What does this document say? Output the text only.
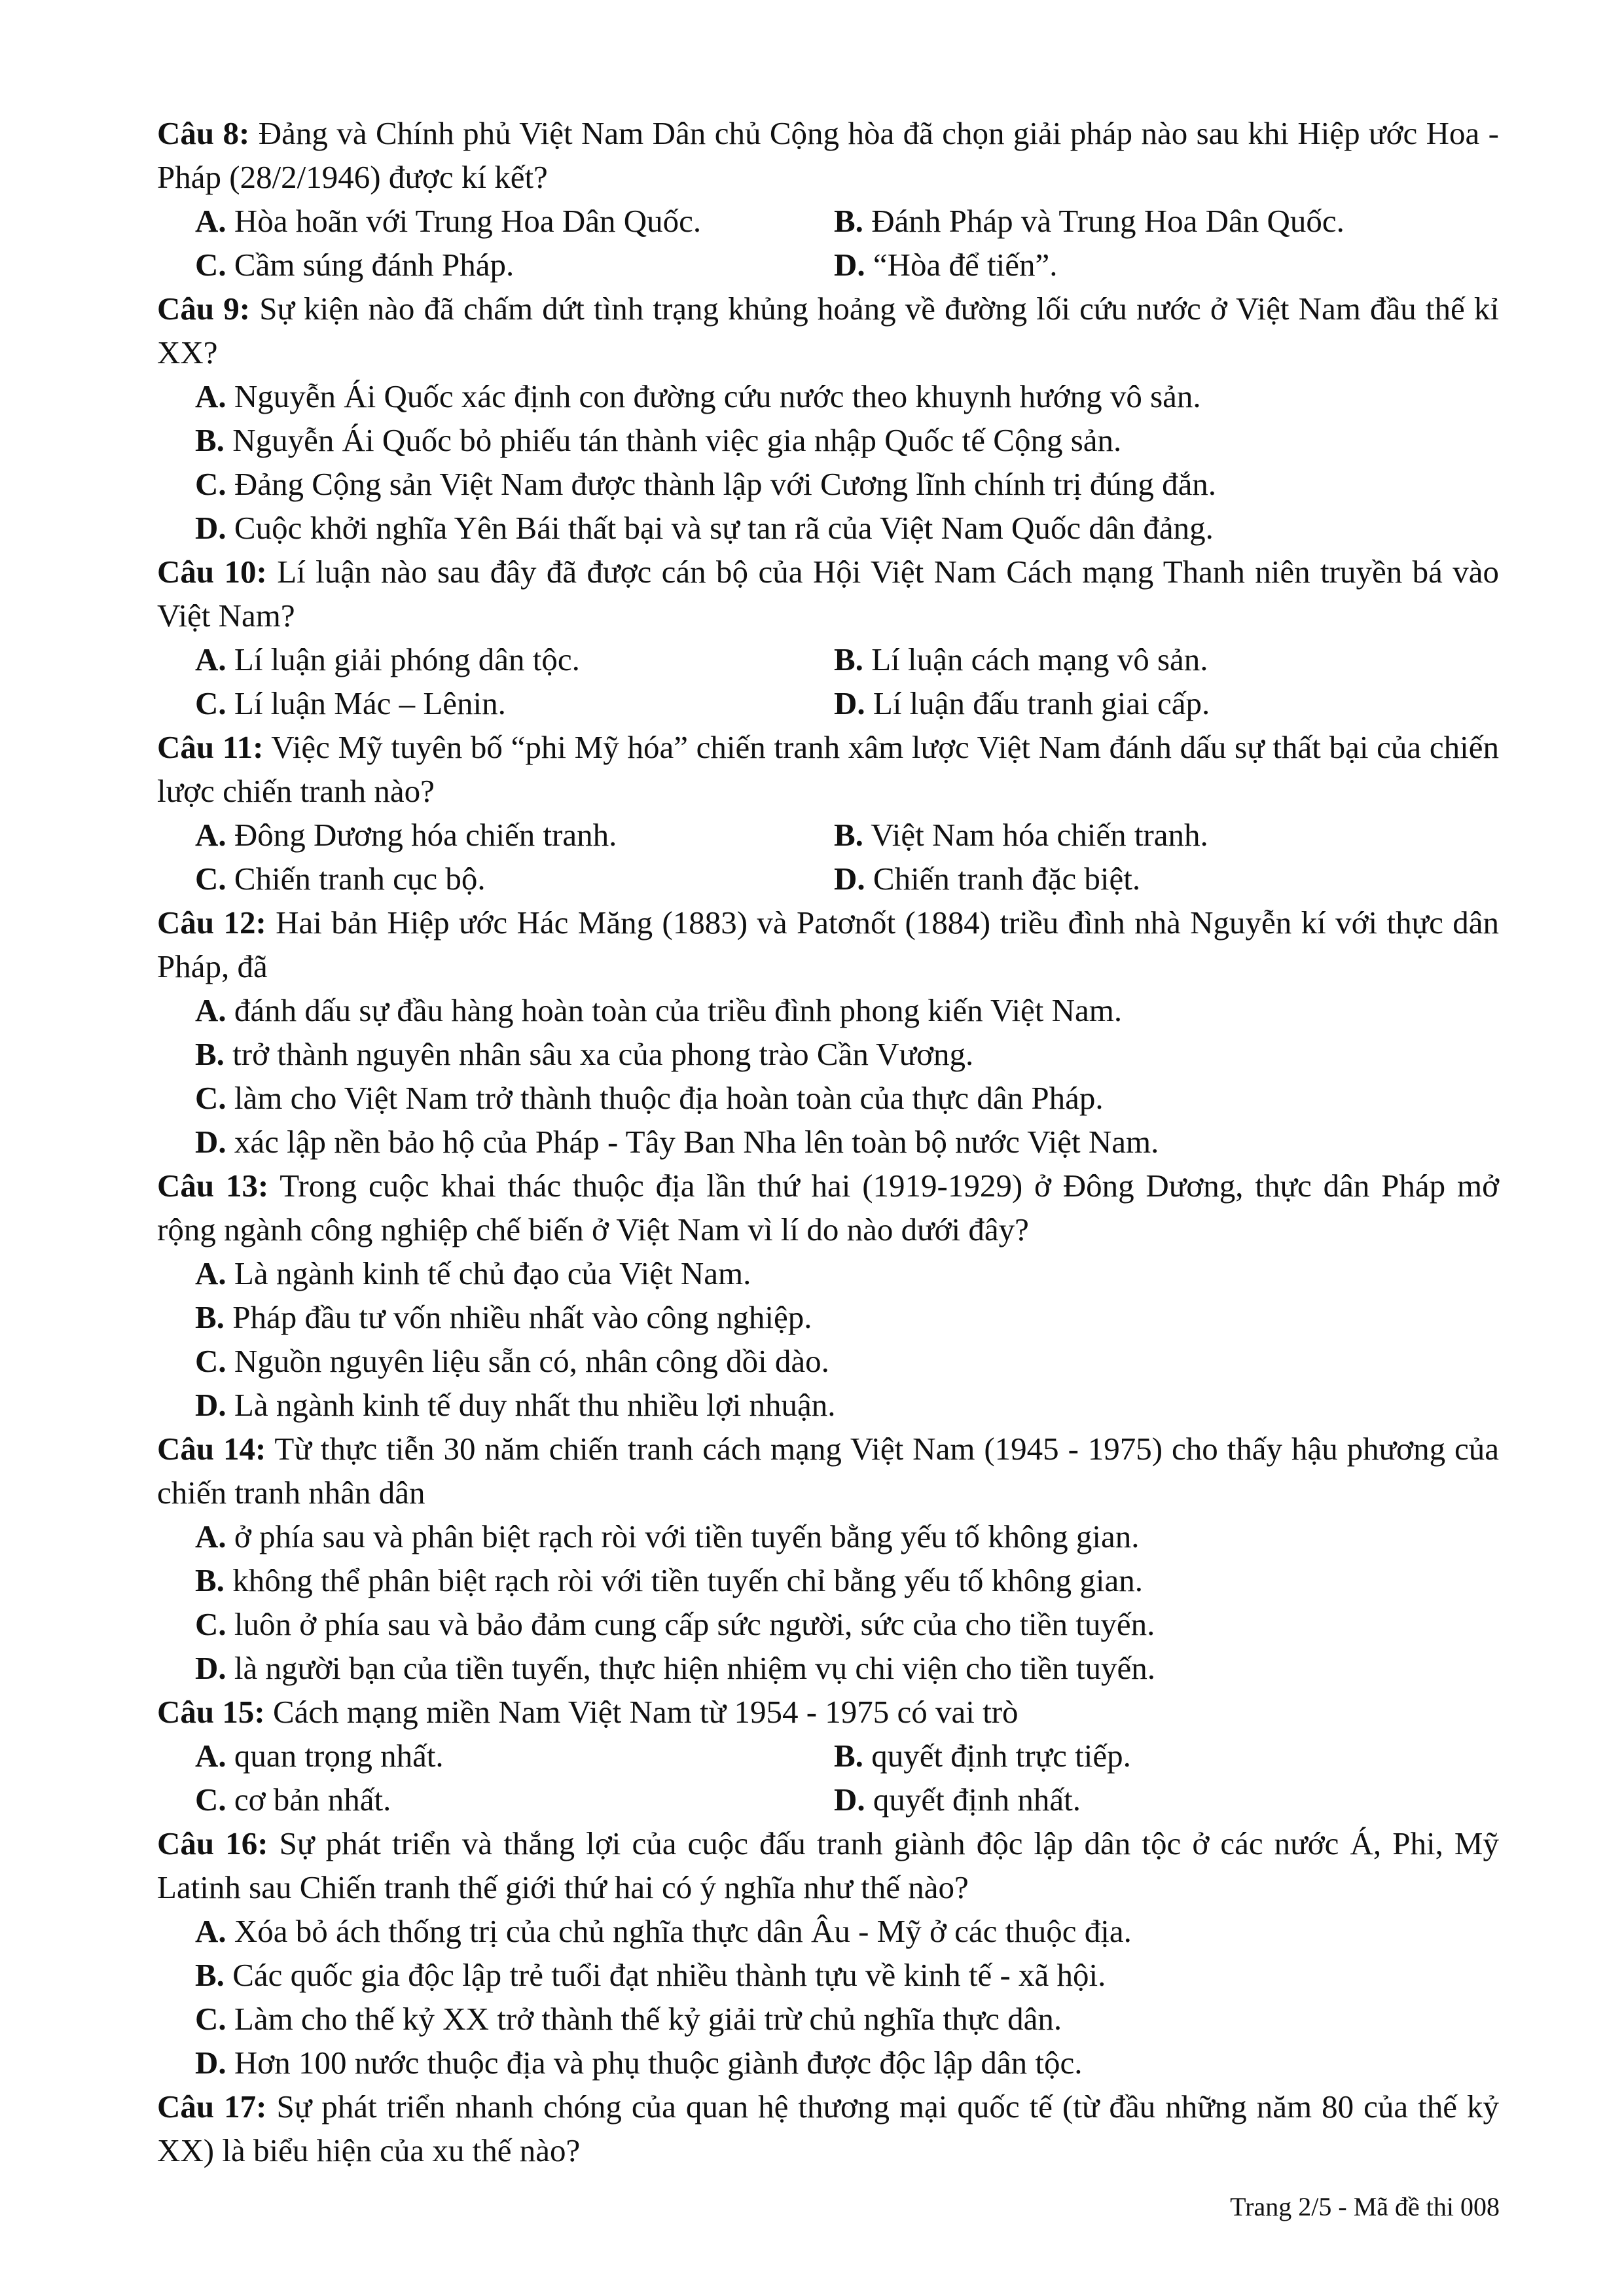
Câu 8: Đảng và Chính phủ Việt Nam Dân chủ Cộng hòa đã chọn giải pháp nào sau khi Hiệp ước Hoa - Pháp (28/2/1946) được kí kết?
A. Hòa hoãn với Trung Hoa Dân Quốc.	B. Đánh Pháp và Trung Hoa Dân Quốc.
C. Cầm súng đánh Pháp.	D. “Hòa để tiến”.
Câu 9: Sự kiện nào đã chấm dứt tình trạng khủng hoảng về đường lối cứu nước ở Việt Nam đầu thế kỉ XX?
A. Nguyễn Ái Quốc xác định con đường cứu nước theo khuynh hướng vô sản.
B. Nguyễn Ái Quốc bỏ phiếu tán thành việc gia nhập Quốc tế Cộng sản.
C. Đảng Cộng sản Việt Nam được thành lập với Cương lĩnh chính trị đúng đắn.
D. Cuộc khởi nghĩa Yên Bái thất bại và sự tan rã của Việt Nam Quốc dân đảng.
Câu 10: Lí luận nào sau đây đã được cán bộ của Hội Việt Nam Cách mạng Thanh niên truyền bá vào Việt Nam?
A. Lí luận giải phóng dân tộc.	B. Lí luận cách mạng vô sản.
C. Lí luận Mác – Lênin.	D. Lí luận đấu tranh giai cấp.
Câu 11: Việc Mỹ tuyên bố “phi Mỹ hóa” chiến tranh xâm lược Việt Nam đánh dấu sự thất bại của chiến lược chiến tranh nào?
A. Đông Dương hóa chiến tranh.	B. Việt Nam hóa chiến tranh.
C. Chiến tranh cục bộ.	D. Chiến tranh đặc biệt.
Câu 12: Hai bản Hiệp ước Hác Măng (1883) và Patơnốt (1884) triều đình nhà Nguyễn kí với thực dân Pháp, đã
A. đánh dấu sự đầu hàng hoàn toàn của triều đình phong kiến Việt Nam.
B. trở thành nguyên nhân sâu xa của phong trào Cần Vương.
C. làm cho Việt Nam trở thành thuộc địa hoàn toàn của thực dân Pháp.
D. xác lập nền bảo hộ của Pháp - Tây Ban Nha lên toàn bộ nước Việt Nam.
Câu 13: Trong cuộc khai thác thuộc địa lần thứ hai (1919-1929) ở Đông Dương, thực dân Pháp mở rộng ngành công nghiệp chế biến ở Việt Nam vì lí do nào dưới đây?
A. Là ngành kinh tế chủ đạo của Việt Nam.
B. Pháp đầu tư vốn nhiều nhất vào công nghiệp.
C. Nguồn nguyên liệu sẵn có, nhân công dồi dào.
D. Là ngành kinh tế duy nhất thu nhiều lợi nhuận.
Câu 14: Từ thực tiễn 30 năm chiến tranh cách mạng Việt Nam (1945 - 1975) cho thấy hậu phương của chiến tranh nhân dân
A. ở phía sau và phân biệt rạch ròi với tiền tuyến bằng yếu tố không gian.
B. không thể phân biệt rạch ròi với tiền tuyến chỉ bằng yếu tố không gian.
C. luôn ở phía sau và bảo đảm cung cấp sức người, sức của cho tiền tuyến.
D. là người bạn của tiền tuyến, thực hiện nhiệm vụ chi viện cho tiền tuyến.
Câu 15: Cách mạng miền Nam Việt Nam từ 1954 - 1975 có vai trò
A. quan trọng nhất.	B. quyết định trực tiếp.
C. cơ bản nhất.	D. quyết định nhất.
Câu 16: Sự phát triển và thắng lợi của cuộc đấu tranh giành độc lập dân tộc ở các nước Á, Phi, Mỹ Latinh sau Chiến tranh thế giới thứ hai có ý nghĩa như thế nào?
A. Xóa bỏ ách thống trị của chủ nghĩa thực dân Âu - Mỹ ở các thuộc địa.
B. Các quốc gia độc lập trẻ tuổi đạt nhiều thành tựu về kinh tế - xã hội.
C. Làm cho thế kỷ XX trở thành thế kỷ giải trừ chủ nghĩa thực dân.
D. Hơn 100 nước thuộc địa và phụ thuộc giành được độc lập dân tộc.
Câu 17: Sự phát triển nhanh chóng của quan hệ thương mại quốc tế (từ đầu những năm 80 của thế kỷ XX) là biểu hiện của xu thế nào?
Trang 2/5 - Mã đề thi 008
